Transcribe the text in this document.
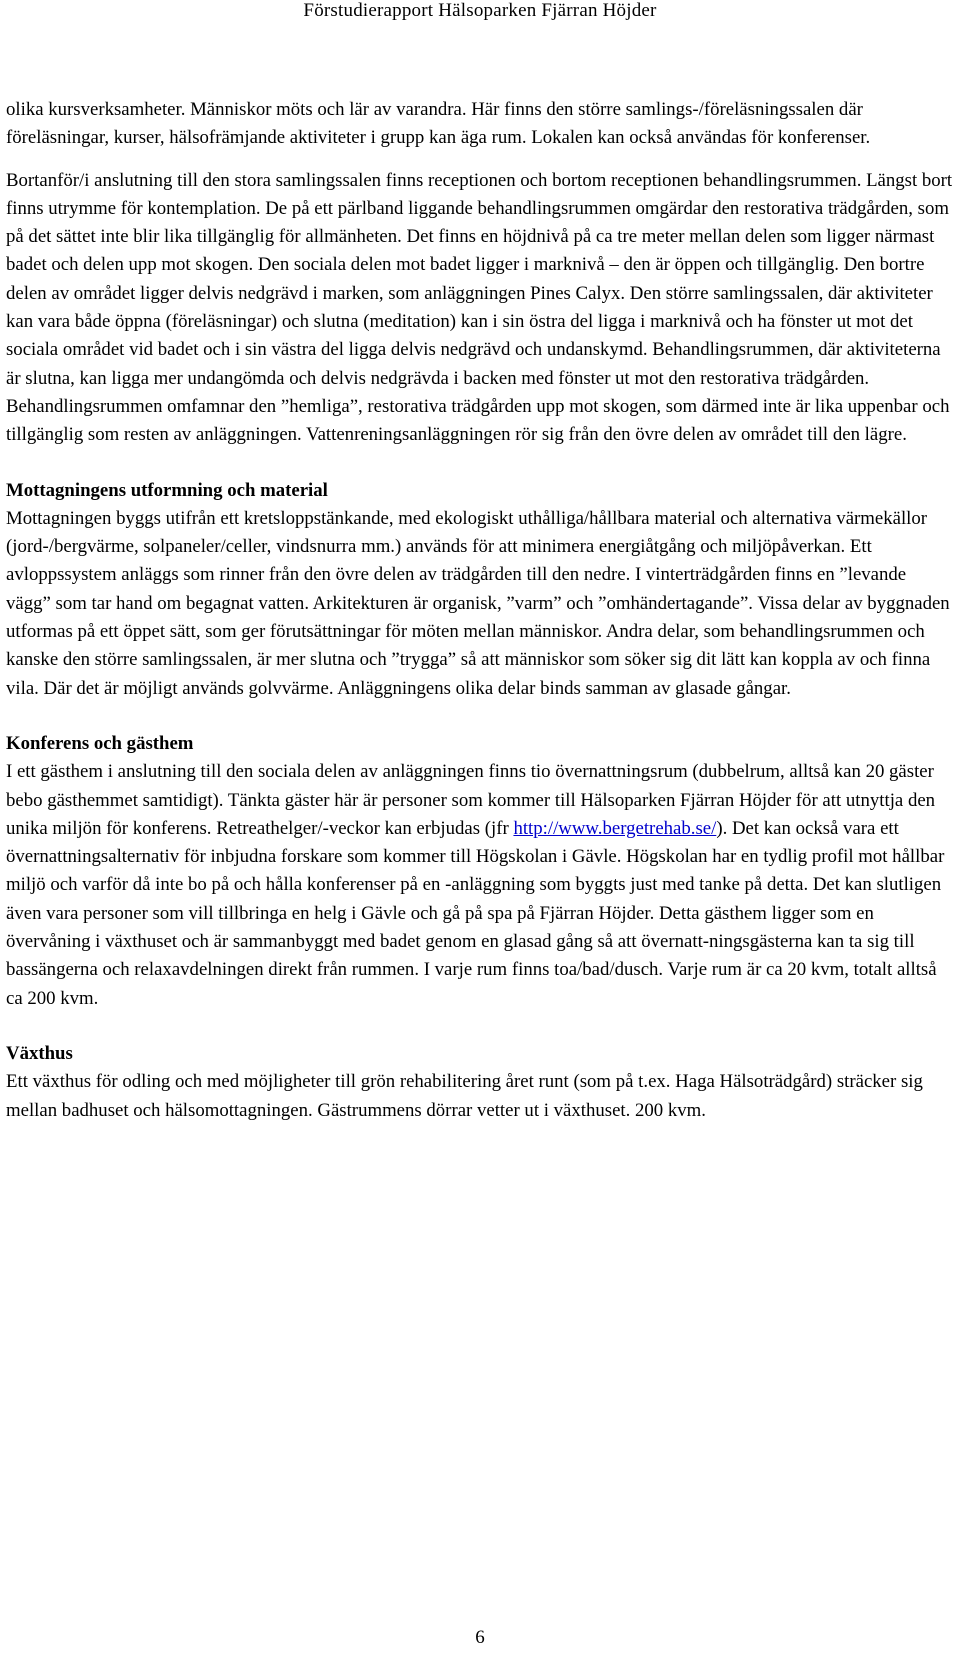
Förstudierapport Hälsoparken Fjärran Höjder

olika kursverksamheter. Människor möts och lär av varandra. Här finns den större samlings-/föreläsningssalen där föreläsningar, kurser, hälsofrämjande aktiviteter i grupp kan äga rum. Lokalen kan också användas för konferenser.

Bortanför/i anslutning till den stora samlingssalen finns receptionen och bortom receptionen behandlingsrummen. Längst bort finns utrymme för kontemplation. De på ett pärlband liggande behandlingsrummen omgärdar den restorativa trädgården, som på det sättet inte blir lika tillgänglig för allmänheten. Det finns en höjdnivå på ca tre meter mellan delen som ligger närmast badet och delen upp mot skogen. Den sociala delen mot badet ligger i marknivå – den är öppen och tillgänglig. Den bortre delen av området ligger delvis nedgrävd i marken, som anläggningen Pines Calyx. Den större samlingssalen, där aktiviteter kan vara både öppna (föreläsningar) och slutna (meditation) kan i sin östra del ligga i marknivå och ha fönster ut mot det sociala området vid badet och i sin västra del ligga delvis nedgrävd och undanskymd. Behandlingsrummen, där aktiviteterna är slutna, kan ligga mer undangömda och delvis nedgrävda i backen med fönster ut mot den restorativa trädgården. Behandlingsrummen omfamnar den ”hemliga”, restorativa trädgården upp mot skogen, som därmed inte är lika uppenbar och tillgänglig som resten av anläggningen. Vattenreningsanläggningen rör sig från den övre delen av området till den lägre.

Mottagningens utformning och material

Mottagningen byggs utifrån ett kretsloppstänkande, med ekologiskt uthålliga/hållbara material och alternativa värmekällor (jord-/bergvärme, solpaneler/celler, vindsnurra mm.) används för att minimera energiåtgång och miljöpåverkan. Ett avloppssystem anläggs som rinner från den övre delen av trädgården till den nedre. I vinterträdgården finns en ”levande vägg” som tar hand om begagnat vatten. Arkitekturen är organisk, ”varm” och ”omhändertagande”. Vissa delar av byggnaden utformas på ett öppet sätt, som ger förutsättningar för möten mellan människor. Andra delar, som behandlingsrummen och kanske den större samlingssalen, är mer slutna och ”trygga” så att människor som söker sig dit lätt kan koppla av och finna vila. Där det är möjligt används golvvärme. Anläggningens olika delar binds samman av glasade gångar.

Konferens och gästhem

I ett gästhem i anslutning till den sociala delen av anläggningen finns tio övernattningsrum (dubbelrum, alltså kan 20 gäster bebo gästhemmet samtidigt). Tänkta gäster här är personer som kommer till Hälsoparken Fjärran Höjder för att utnyttja den unika miljön för konferens. Retreathelger/-veckor kan erbjudas (jfr http://www.bergetrehab.se/). Det kan också vara ett övernattningsalternativ för inbjudna forskare som kommer till Högskolan i Gävle. Högskolan har en tydlig profil mot hållbar miljö och varför då inte bo på och hålla konferenser på en -anläggning som byggts just med tanke på detta. Det kan slutligen även vara personer som vill tillbringa en helg i Gävle och gå på spa på Fjärran Höjder. Detta gästhem ligger som en övervåning i växthuset och är sammanbyggt med badet genom en glasad gång så att övernatt-ningsgästerna kan ta sig till bassängerna och relaxavdelningen direkt från rummen. I varje rum finns toa/bad/dusch. Varje rum är ca 20 kvm, totalt alltså ca 200 kvm.

Växthus

Ett växthus för odling och med möjligheter till grön rehabilitering året runt (som på t.ex. Haga Hälsoträdgård) sträcker sig mellan badhuset och hälsomottagningen. Gästrummens dörrar vetter ut i växthuset. 200 kvm.

6
